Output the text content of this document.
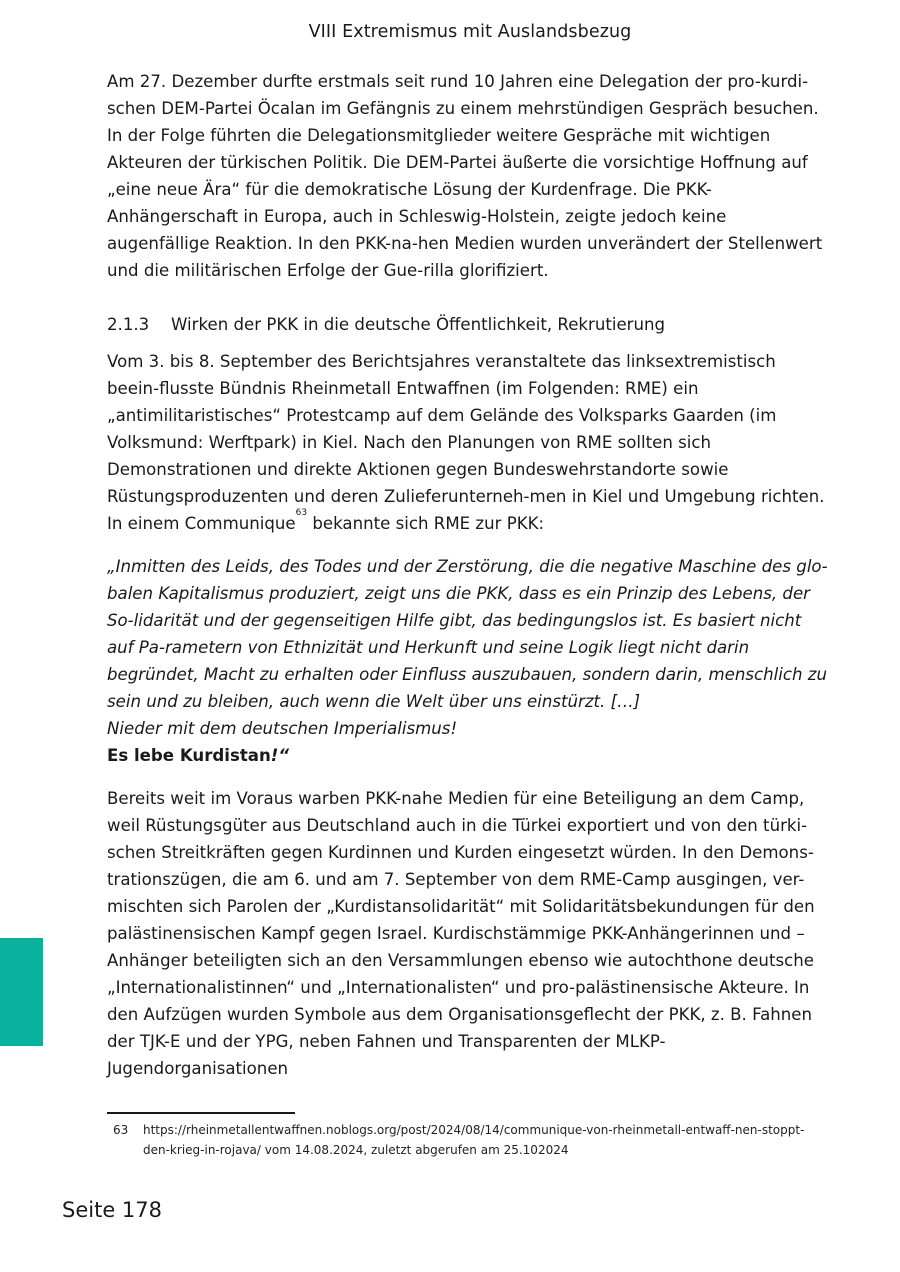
VIII Extremismus mit Auslandsbezug

Am 27. Dezember durfte erstmals seit rund 10 Jahren eine Delegation der pro-kurdi-schen DEM-Partei Öcalan im Gefängnis zu einem mehrstündigen Gespräch besuchen. In der Folge führten die Delegationsmitglieder weitere Gespräche mit wichtigen Akteuren der türkischen Politik. Die DEM-Partei äußerte die vorsichtige Hoffnung auf „eine neue Ära“ für die demokratische Lösung der Kurdenfrage. Die PKK-Anhängerschaft in Europa, auch in Schleswig-Holstein, zeigte jedoch keine augenfällige Reaktion. In den PKK-na-hen Medien wurden unverändert der Stellenwert und die militärischen Erfolge der Gue-rilla glorifiziert.

2.1.3	Wirken der PKK in die deutsche Öffentlichkeit, Rekrutierung

Vom 3. bis 8. September des Berichtsjahres veranstaltete das linksextremistisch beein-flusste Bündnis Rheinmetall Entwaffnen (im Folgenden: RME) ein „antimilitaristisches“ Protestcamp auf dem Gelände des Volksparks Gaarden (im Volksmund: Werftpark) in Kiel. Nach den Planungen von RME sollten sich Demonstrationen und direkte Aktionen gegen Bundeswehrstandorte sowie Rüstungsproduzenten und deren Zulieferunterneh-men in Kiel und Umgebung richten. In einem Communique$^{63}$ bekannte sich RME zur PKK:

„Inmitten des Leids, des Todes und der Zerstörung, die die negative Maschine des glo-balen Kapitalismus produziert, zeigt uns die PKK, dass es ein Prinzip des Lebens, der So-lidarität und der gegenseitigen Hilfe gibt, das bedingungslos ist. Es basiert nicht auf Pa-rametern von Ethnizität und Herkunft und seine Logik liegt nicht darin begründet, Macht zu erhalten oder Einfluss auszubauen, sondern darin, menschlich zu sein und zu bleiben, auch wenn die Welt über uns einstürzt. […]
Nieder mit dem deutschen Imperialismus!
Es lebe Kurdistan!“

Bereits weit im Voraus warben PKK-nahe Medien für eine Beteiligung an dem Camp, weil Rüstungsgüter aus Deutschland auch in die Türkei exportiert und von den türki-schen Streitkräften gegen Kurdinnen und Kurden eingesetzt würden. In den Demons-trationszügen, die am 6. und am 7. September von dem RME-Camp ausgingen, ver-mischten sich Parolen der „Kurdistansolidarität“ mit Solidaritätsbekundungen für den palästinensischen Kampf gegen Israel. Kurdischstämmige PKK-Anhängerinnen und –Anhänger beteiligten sich an den Versammlungen ebenso wie autochthone deutsche „Internationalistinnen“ und „Internationalisten“ und pro-palästinensische Akteure. In den Aufzügen wurden Symbole aus dem Organisationsgeflecht der PKK, z. B. Fahnen der TJK-E und der YPG, neben Fahnen und Transparenten der MLKP-Jugendorganisationen

63	https://rheinmetallentwaffnen.noblogs.org/post/2024/08/14/communique-von-rheinmetall-entwaff-nen-stoppt-den-krieg-in-rojava/ vom 14.08.2024, zuletzt abgerufen am 25.102024
Seite 178
